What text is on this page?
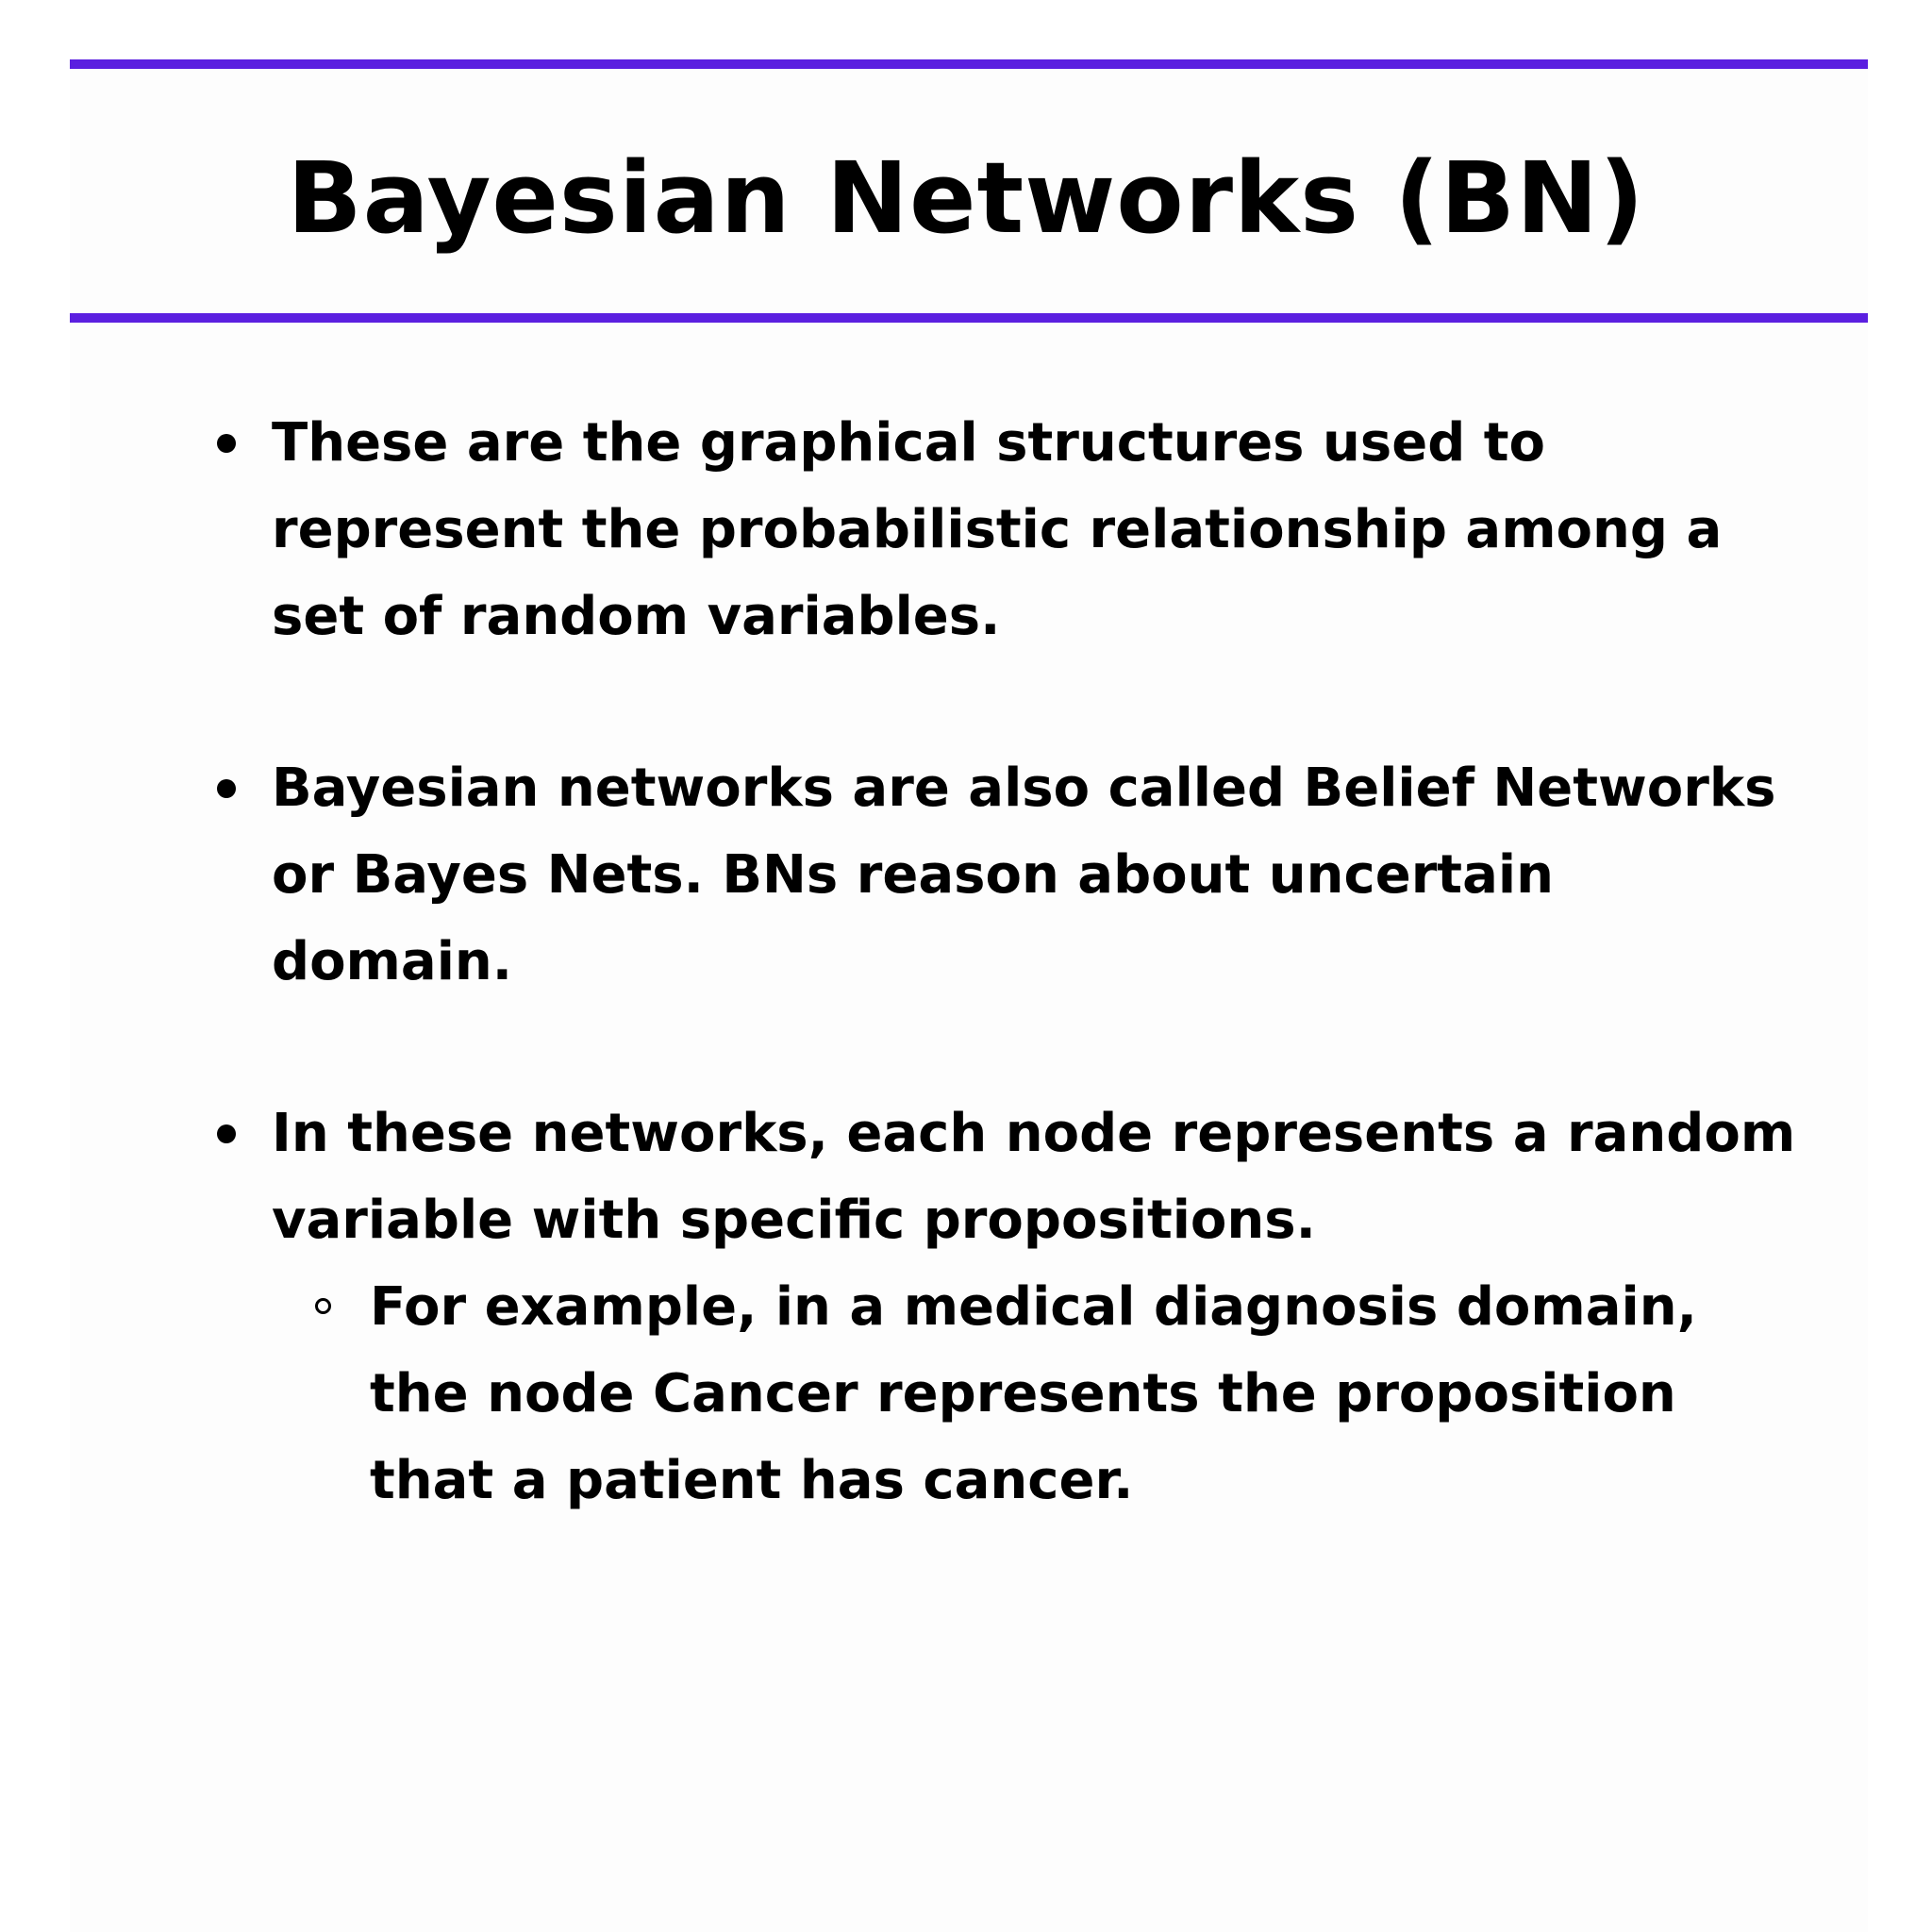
Bayesian Networks (BN)
These are the graphical structures used to represent the probabilistic relationship among a set of random variables.
Bayesian networks are also called Belief Networks or Bayes Nets. BNs reason about uncertain domain.
In these networks, each node represents a random variable with specific propositions.
For example, in a medical diagnosis domain, the node Cancer represents the proposition that a patient has cancer.
